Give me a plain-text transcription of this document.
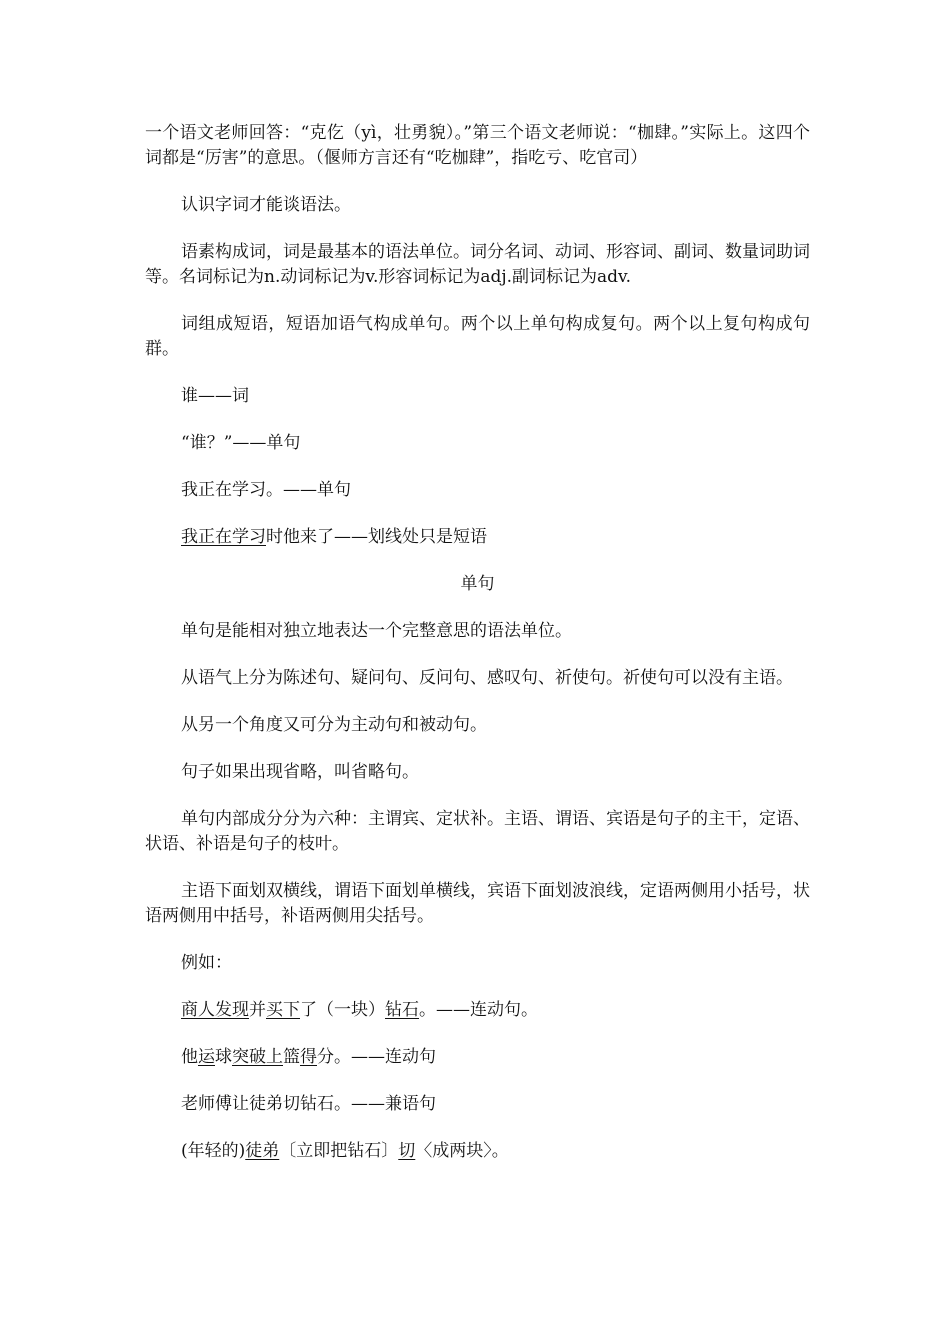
一个语文老师回答：“克仡（yì，壮勇貌）。”第三个语文老师说：“枷肆。”实际上。这四个词都是“厉害”的意思。（偃师方言还有“吃枷肆”，指吃亏、吃官司）

认识字词才能谈语法。

语素构成词，词是最基本的语法单位。词分名词、动词、形容词、副词、数量词助词等。名词标记为n.动词标记为v.形容词标记为adj.副词标记为adv.

词组成短语，短语加语气构成单句。两个以上单句构成复句。两个以上复句构成句群。

谁——词

“谁？”——单句

我正在学习。——单句

我正在学习时他来了——划线处只是短语

单句

单句是能相对独立地表达一个完整意思的语法单位。

从语气上分为陈述句、疑问句、反问句、感叹句、祈使句。祈使句可以没有主语。

从另一个角度又可分为主动句和被动句。

句子如果出现省略，叫省略句。

单句内部成分分为六种：主谓宾、定状补。主语、谓语、宾语是句子的主干，定语、状语、补语是句子的枝叶。

主语下面划双横线，谓语下面划单横线，宾语下面划波浪线，定语两侧用小括号，状语两侧用中括号，补语两侧用尖括号。

例如：

商人发现并买下了（一块）钻石。——连动句。

他运球突破上篮得分。——连动句

老师傅让徒弟切钻石。——兼语句

(年轻的)徒弟〔立即把钻石〕切〈成两块〉。
